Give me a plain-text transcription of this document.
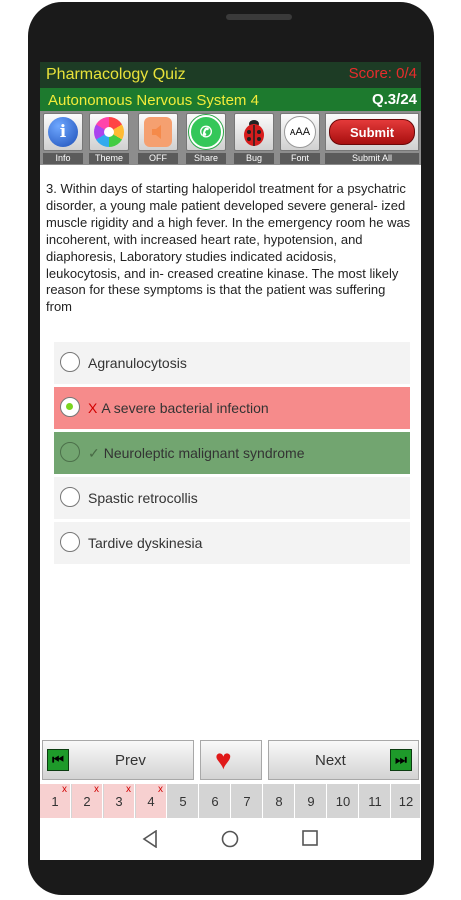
Pharmacology Quiz	Score: 0/4
Autonomous Nervous System 4	Q.3/24
i
Info	Theme	OFF
✆
Share	Bug
ᴀAA
Font
Submit
Submit All
3. Within days of starting haloperidol treatment for a psychatric disorder, a young male patient developed severe general- ized muscle rigidity and a high fever. In the emergency room he was incoherent, with increased heart rate, hypotension, and diaphoresis, Laboratory studies indicated acidosis, leukocytosis, and in- creased creatine kinase. The most likely reason for these symptoms is that the patient was suffering from
Agranulocytosis
X A severe bacterial infection
✓ Neuroleptic malignant syndrome
Spastic retrocollis
Tardive dyskinesia
⏮	Prev ♥	Next	⏭
1
x
2
x
3
x
4
x
5 6 7 8 9 10 11 12
